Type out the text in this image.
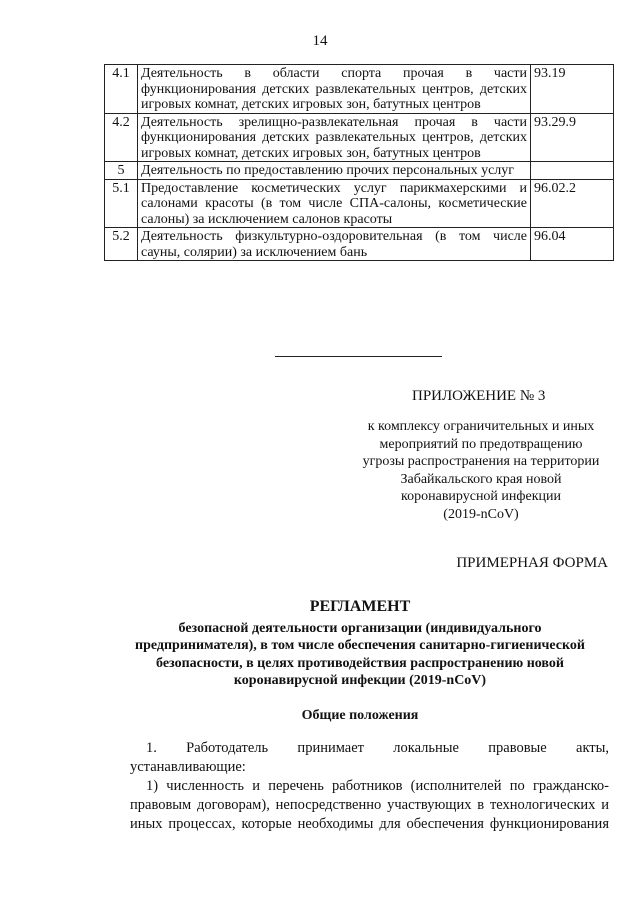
14
4.1	Деятельность в области спорта прочая в части функционирования детских развлекательных центров, детских игровых комнат, детских игровых зон, батутных центров	93.19
4.2	Деятельность зрелищно-развлекательная прочая в части функционирования детских развлекательных центров, детских игровых комнат, детских игровых зон, батутных центров	93.29.9
5	Деятельность по предоставлению прочих персональных услуг	
5.1	Предоставление косметических услуг парикмахерскими и салонами красоты (в том числе СПА-салоны, косметические салоны) за исключением салонов красоты	96.02.2
5.2	Деятельность физкультурно-оздоровительная (в том числе сауны, солярии) за исключением бань	96.04
ПРИЛОЖЕНИЕ № 3
к комплексу ограничительных и иных
мероприятий по предотвращению
угрозы распространения на территории
Забайкальского края новой
коронавирусной инфекции
(2019-nCoV)
ПРИМЕРНАЯ ФОРМА
РЕГЛАМЕНТ
безопасной деятельности организации (индивидуального
предпринимателя), в том числе обеспечения санитарно-гигиенической
безопасности, в целях противодействия распространению новой
коронавирусной инфекции (2019-nCoV)
Общие положения
1. Работодатель принимает локальные правовые акты,
устанавливающие:
1) численность и перечень работников (исполнителей по гражданско-
правовым договорам), непосредственно участвующих в технологических и
иных процессах, которые необходимы для обеспечения функционирования
